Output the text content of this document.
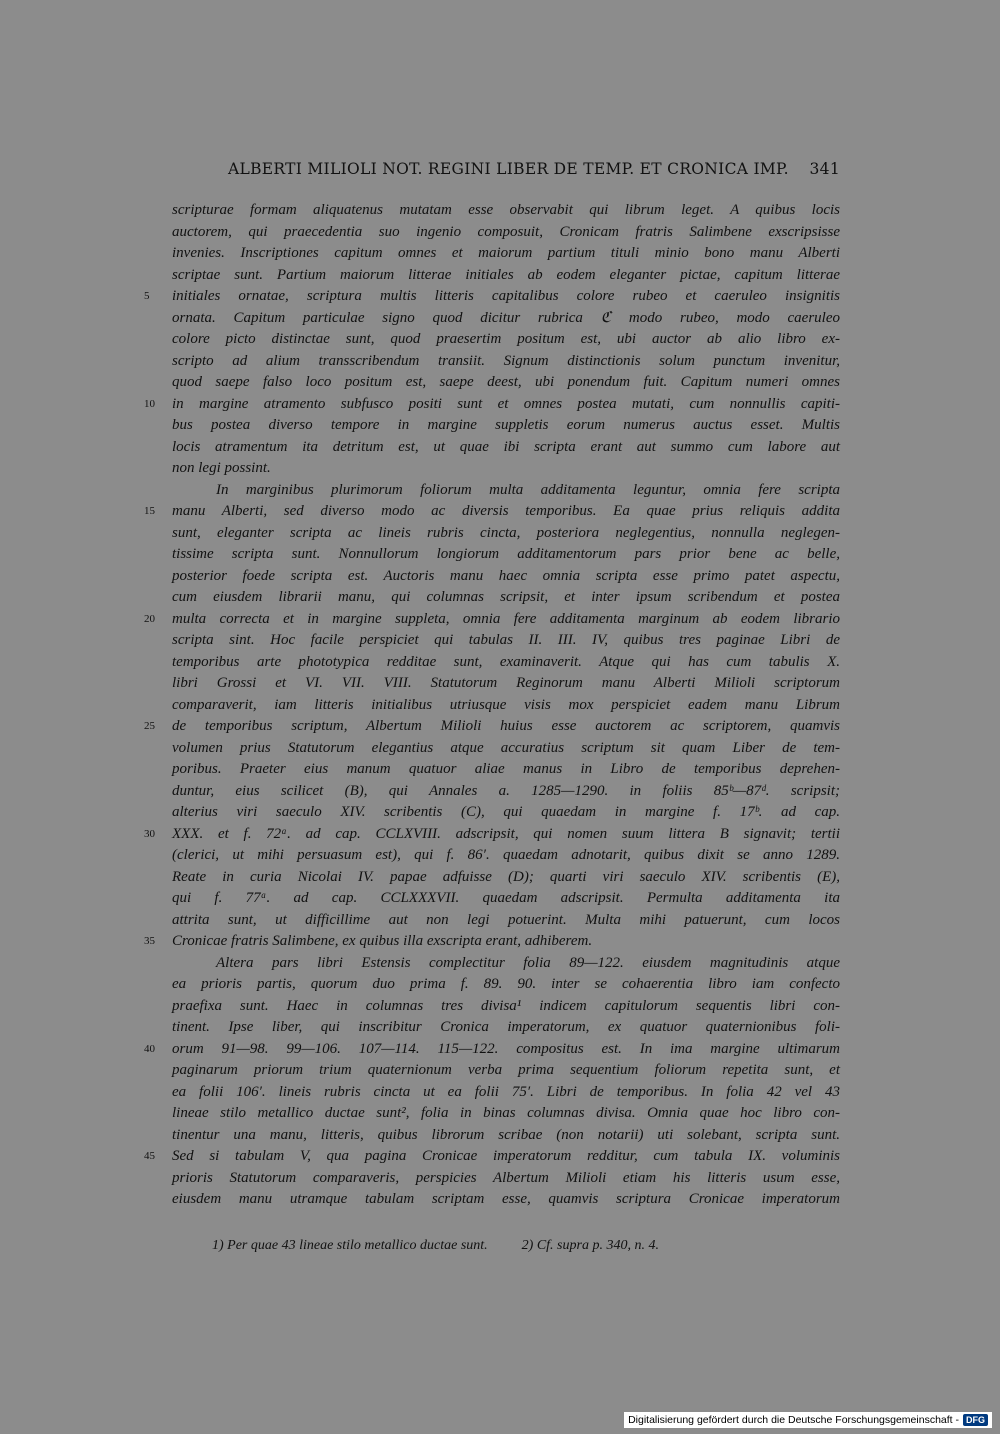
ALBERTI MILIOLI NOT. REGINI LIBER DE TEMP. ET CRONICA IMP. 341
scripturae formam aliquatenus mutatam esse observabit qui librum leget. A quibus locis
auctorem, qui praecedentia suo ingenio composuit, Cronicam fratris Salimbene exscripsisse
invenies. Inscriptiones capitum omnes et maiorum partium tituli minio bono manu Alberti
scriptae sunt. Partium maiorum litterae initiales ab eodem eleganter pictae, capitum litterae
5	initiales ornatae, scriptura multis litteris capitalibus colore rubeo et caeruleo insignitis
ornata. Capitum particulae signo quod dicitur rubrica ℭ modo rubeo, modo caeruleo
colore picto distinctae sunt, quod praesertim positum est, ubi auctor ab alio libro ex-
scripto ad alium transscribendum transiit. Signum distinctionis solum punctum invenitur,
quod saepe falso loco positum est, saepe deest, ubi ponendum fuit. Capitum numeri omnes
10	in margine atramento subfusco positi sunt et omnes postea mutati, cum nonnullis capiti-
bus postea diverso tempore in margine suppletis eorum numerus auctus esset. Multis
locis atramentum ita detritum est, ut quae ibi scripta erant aut summo cum labore aut
non legi possint.
In marginibus plurimorum foliorum multa additamenta leguntur, omnia fere scripta
15	manu Alberti, sed diverso modo ac diversis temporibus. Ea quae prius reliquis addita
sunt, eleganter scripta ac lineis rubris cincta, posteriora neglegentius, nonnulla neglegen-
tissime scripta sunt. Nonnullorum longiorum additamentorum pars prior bene ac belle,
posterior foede scripta est. Auctoris manu haec omnia scripta esse primo patet aspectu,
cum eiusdem librarii manu, qui columnas scripsit, et inter ipsum scribendum et postea
20	multa correcta et in margine suppleta, omnia fere additamenta marginum ab eodem librario
scripta sint. Hoc facile perspiciet qui tabulas II. III. IV, quibus tres paginae Libri de
temporibus arte phototypica redditae sunt, examinaverit. Atque qui has cum tabulis X.
libri Grossi et VI. VII. VIII. Statutorum Reginorum manu Alberti Milioli scriptorum
comparaverit, iam litteris initialibus utriusque visis mox perspiciet eadem manu Librum
25	de temporibus scriptum, Albertum Milioli huius esse auctorem ac scriptorem, quamvis
volumen prius Statutorum elegantius atque accuratius scriptum sit quam Liber de tem-
poribus. Praeter eius manum quatuor aliae manus in Libro de temporibus deprehen-
duntur, eius scilicet (B), qui Annales a. 1285—1290. in foliis 85ᵇ—87ᵈ. scripsit;
alterius viri saeculo XIV. scribentis (C), qui quaedam in margine f. 17ᵇ. ad cap.
30	XXX. et f. 72ᵃ. ad cap. CCLXVIII. adscripsit, qui nomen suum littera B signavit; tertii
(clerici, ut mihi persuasum est), qui f. 86′. quaedam adnotarit, quibus dixit se anno 1289.
Reate in curia Nicolai IV. papae adfuisse (D); quarti viri saeculo XIV. scribentis (E),
qui f. 77ᵃ. ad cap. CCLXXXVII. quaedam adscripsit. Permulta additamenta ita
attrita sunt, ut difficillime aut non legi potuerint. Multa mihi patuerunt, cum locos
35	Cronicae fratris Salimbene, ex quibus illa exscripta erant, adhiberem.
Altera pars libri Estensis complectitur folia 89—122. eiusdem magnitudinis atque
ea prioris partis, quorum duo prima f. 89. 90. inter se cohaerentia libro iam confecto
praefixa sunt. Haec in columnas tres divisa¹ indicem capitulorum sequentis libri con-
tinent. Ipse liber, qui inscribitur Cronica imperatorum, ex quatuor quaternionibus foli-
40	orum 91—98. 99—106. 107—114. 115—122. compositus est. In ima margine ultimarum
paginarum priorum trium quaternionum verba prima sequentium foliorum repetita sunt, et
ea folii 106′. lineis rubris cincta ut ea folii 75′. Libri de temporibus. In folia 42 vel 43
lineae stilo metallico ductae sunt², folia in binas columnas divisa. Omnia quae hoc libro con-
tinentur una manu, litteris, quibus librorum scribae (non notarii) uti solebant, scripta sunt.
45	Sed si tabulam V, qua pagina Cronicae imperatorum redditur, cum tabula IX. voluminis
prioris Statutorum comparaveris, perspicies Albertum Milioli etiam his litteris usum esse,
eiusdem manu utramque tabulam scriptam esse, quamvis scriptura Cronicae imperatorum
1) Per quae 43 lineae stilo metallico ductae sunt. 2) Cf. supra p. 340, n. 4.
Digitalisierung gefördert durch die Deutsche Forschungsgemeinschaft - DFG
